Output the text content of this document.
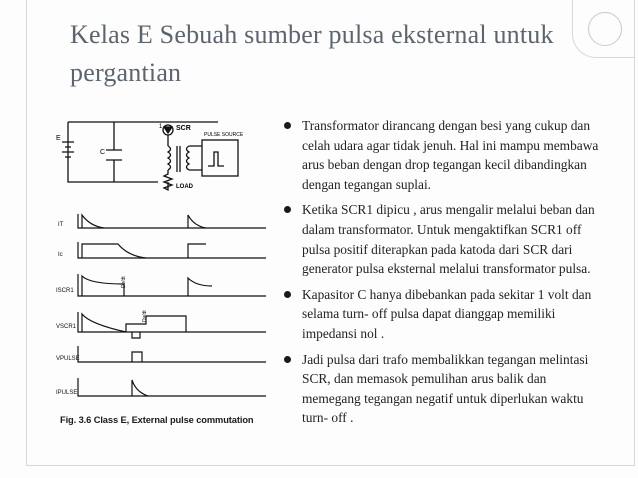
Kelas E Sebuah sumber pulsa eksternal untuk pergantian
SCR
PULSE SOURCE
LOAD
E
C
1
IT
Ic
ISCR1
VSCR1
VPULSE
IPULSE
Dv/dt
Dv/dt
Fig. 3.6 Class E, External pulse commutation
Transformator dirancang dengan besi yang cukup dan celah udara agar tidak jenuh. Hal ini mampu membawa arus beban dengan drop tegangan kecil dibandingkan dengan tegangan suplai.
Ketika SCR1 dipicu , arus mengalir melalui beban dan dalam transformator. Untuk mengaktifkan SCR1 off pulsa positif diterapkan pada katoda dari SCR dari generator pulsa eksternal melalui transformator pulsa.
Kapasitor C hanya dibebankan pada sekitar 1 volt dan selama turn- off pulsa dapat dianggap memiliki impedansi nol .
Jadi pulsa dari trafo membalikkan tegangan melintasi SCR, dan memasok pemulihan arus balik dan memegang tegangan negatif untuk diperlukan waktu turn- off .
